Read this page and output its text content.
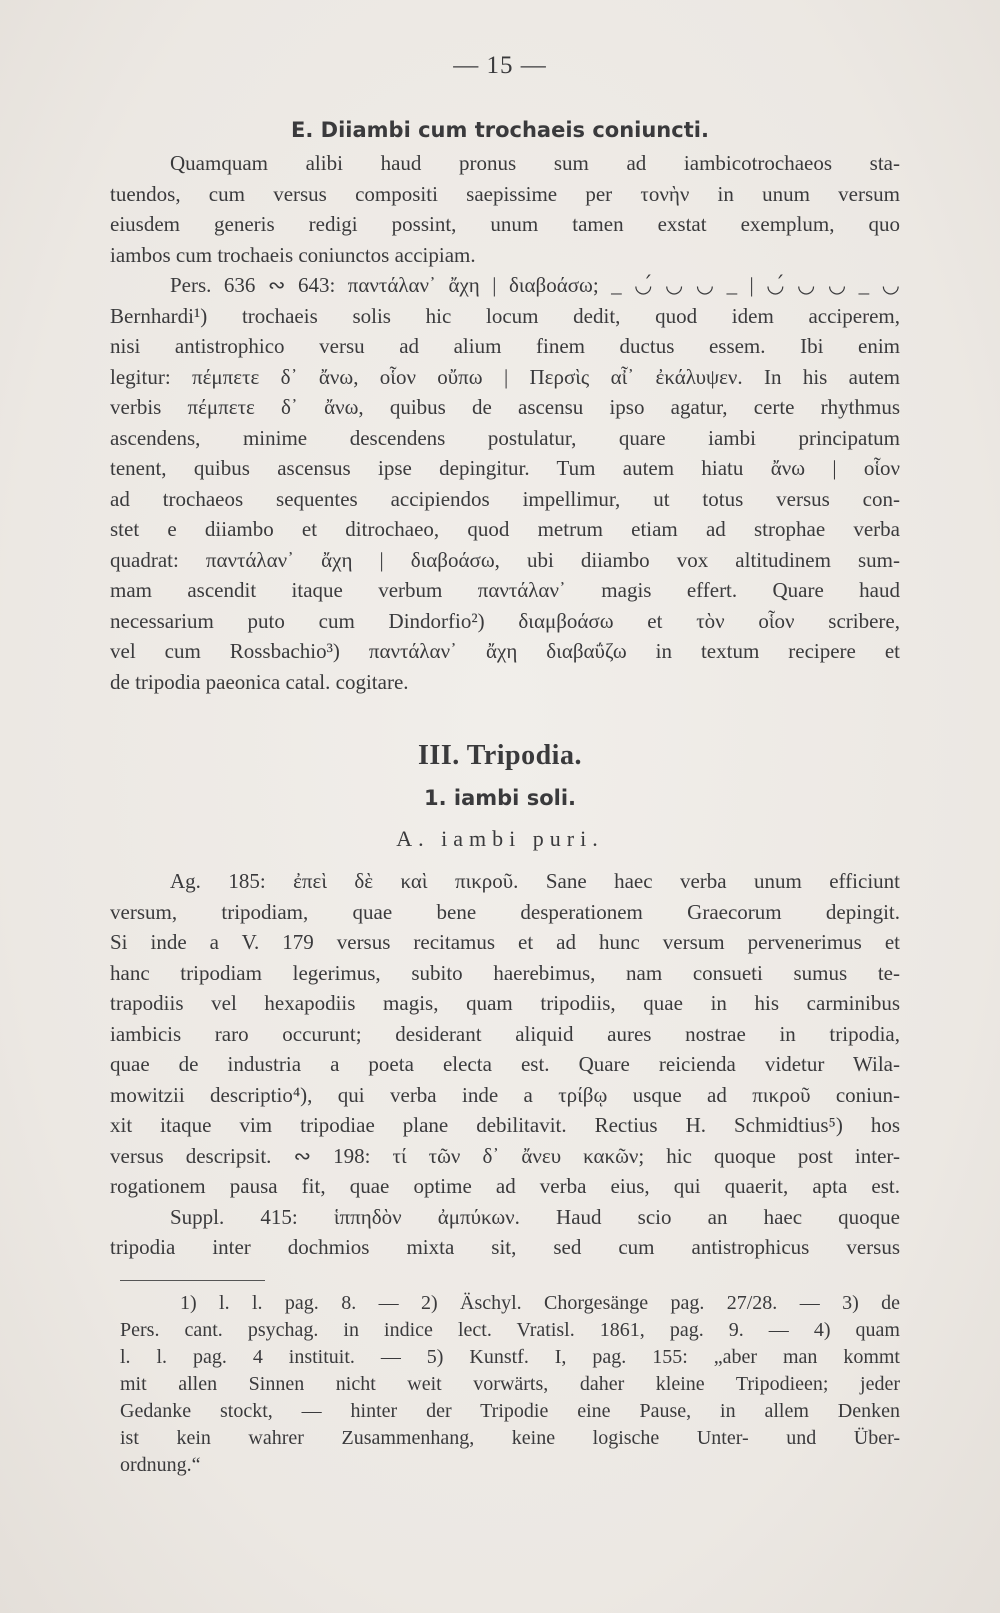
— 15 —
E. Diiambi cum trochaeis coniuncti.
Quamquam alibi haud pronus sum ad iambicotrochaeos sta-
tuendos, cum versus compositi saepissime per τονὴν in unum versum
eiusdem generis redigi possint, unum tamen exstat exemplum, quo
iambos cum trochaeis coniunctos accipiam.
Pers. 636 ∾ 643: παντάλαν᾽ ἄχη | διαβοάσω; _ ◡́ ◡ ◡ _ | ◡́ ◡ ◡ _ ◡
Bernhardi¹) trochaeis solis hic locum dedit, quod idem acciperem,
nisi antistrophico versu ad alium finem ductus essem. Ibi enim
legitur: πέμπετε δ᾽ ἄνω, οἷον οὔπω | Περσὶς αἶ᾽ ἐκάλυψεν. In his autem
verbis πέμπετε δ᾽ ἄνω, quibus de ascensu ipso agatur, certe rhythmus
ascendens, minime descendens postulatur, quare iambi principatum
tenent, quibus ascensus ipse depingitur. Tum autem hiatu ἄνω | οἷον
ad trochaeos sequentes accipiendos impellimur, ut totus versus con-
stet e diiambo et ditrochaeo, quod metrum etiam ad strophae verba
quadrat: παντάλαν᾽ ἄχη | διαβοάσω, ubi diiambo vox altitudinem sum-
mam ascendit itaque verbum παντάλαν᾽ magis effert. Quare haud
necessarium puto cum Dindorfio²) διαμβοάσω et τὸν οἷον scribere,
vel cum Rossbachio³) παντάλαν᾽ ἄχη διαβαΰζω in textum recipere et
de tripodia paeonica catal. cogitare.
III. Tripodia.
1. iambi soli.
A. iambi puri.
Ag. 185: ἐπεὶ δὲ καὶ πικροῦ. Sane haec verba unum efficiunt
versum, tripodiam, quae bene desperationem Graecorum depingit.
Si inde a V. 179 versus recitamus et ad hunc versum pervenerimus et
hanc tripodiam legerimus, subito haerebimus, nam consueti sumus te-
trapodiis vel hexapodiis magis, quam tripodiis, quae in his carminibus
iambicis raro occurunt; desiderant aliquid aures nostrae in tripodia,
quae de industria a poeta electa est. Quare reicienda videtur Wila-
mowitzii descriptio⁴), qui verba inde a τρίβῳ usque ad πικροῦ coniun-
xit itaque vim tripodiae plane debilitavit. Rectius H. Schmidtius⁵) hos
versus descripsit. ∾ 198: τί τῶν δ᾽ ἄνευ κακῶν; hic quoque post inter-
rogationem pausa fit, quae optime ad verba eius, qui quaerit, apta est.
Suppl. 415: ἱππηδὸν ἀμπύκων. Haud scio an haec quoque
tripodia inter dochmios mixta sit, sed cum antistrophicus versus
1) l. l. pag. 8. — 2) Äschyl. Chorgesänge pag. 27/28. — 3) de
Pers. cant. psychag. in indice lect. Vratisl. 1861, pag. 9. — 4) quam
l. l. pag. 4 instituit. — 5) Kunstf. I, pag. 155: „aber man kommt
mit allen Sinnen nicht weit vorwärts, daher kleine Tripodieen; jeder
Gedanke stockt, — hinter der Tripodie eine Pause, in allem Denken
ist kein wahrer Zusammenhang, keine logische Unter- und Über-
ordnung.“
